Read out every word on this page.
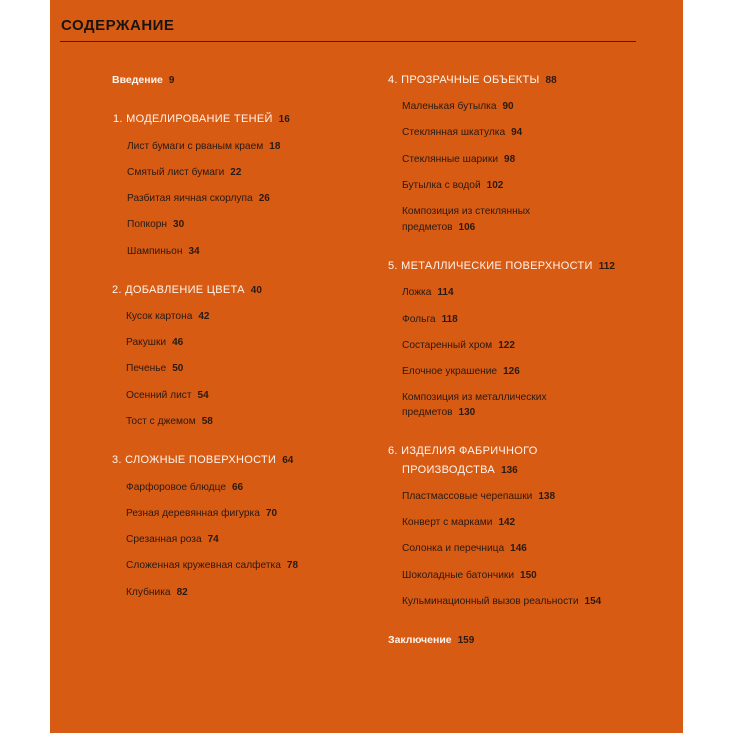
СОДЕРЖАНИЕ
Введение 9
1. МОДЕЛИРОВАНИЕ ТЕНЕЙ 16
Лист бумаги с рваным краем 18
Смятый лист бумаги 22
Разбитая яичная скорлупа 26
Попкорн 30
Шампиньон 34
2. ДОБАВЛЕНИЕ ЦВЕТА 40
Кусок картона 42
Ракушки 46
Печенье 50
Осенний лист 54
Тост с джемом 58
3. СЛОЖНЫЕ ПОВЕРХНОСТИ 64
Фарфоровое блюдце 66
Резная деревянная фигурка 70
Срезанная роза 74
Сложенная кружевная салфетка 78
Клубника 82
4. ПРОЗРАЧНЫЕ ОБЪЕКТЫ 88
Маленькая бутылка 90
Стеклянная шкатулка 94
Стеклянные шарики 98
Бутылка с водой 102
Композиция из стеклянных
предметов 106
5. МЕТАЛЛИЧЕСКИЕ ПОВЕРХНОСТИ 112
Ложка 114
Фольга 118
Состаренный хром 122
Елочное украшение 126
Композиция из металлических
предметов 130
6. ИЗДЕЛИЯ ФАБРИЧНОГО
ПРОИЗВОДСТВА 136
Пластмассовые черепашки 138
Конверт с марками 142
Солонка и перечница 146
Шоколадные батончики 150
Кульминационный вызов реальности 154
Заключение 159
